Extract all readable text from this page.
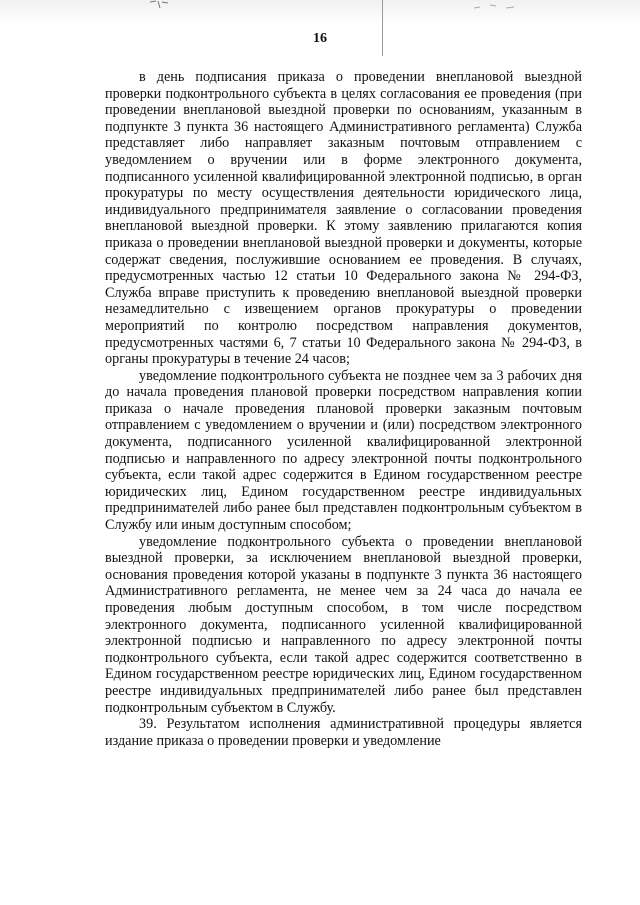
16

в день подписания приказа о проведении внеплановой выездной проверки подконтрольного субъекта в целях согласования ее проведения (при проведении внеплановой выездной проверки по основаниям, указанным в подпункте 3 пункта 36 настоящего Административного регламента) Служба представляет либо направляет заказным почтовым отправлением с уведомлением о вручении или в форме электронного документа, подписанного усиленной квалифицированной электронной подписью, в орган прокуратуры по месту осуществления деятельности юридического лица, индивидуального предпринимателя заявление о согласовании проведения внеплановой выездной проверки. К этому заявлению прилагаются копия приказа о проведении внеплановой выездной проверки и документы, которые содержат сведения, послужившие основанием ее проведения. В случаях, предусмотренных частью 12 статьи 10 Федерального закона № 294-ФЗ, Служба вправе приступить к проведению внеплановой выездной проверки незамедлительно с извещением органов прокуратуры о проведении мероприятий по контролю посредством направления документов, предусмотренных частями 6, 7 статьи 10 Федерального закона № 294-ФЗ, в органы прокуратуры в течение 24 часов;

уведомление подконтрольного субъекта не позднее чем за 3 рабочих дня до начала проведения плановой проверки посредством направления копии приказа о начале проведения плановой проверки заказным почтовым отправлением с уведомлением о вручении и (или) посредством электронного документа, подписанного усиленной квалифицированной электронной подписью и направленного по адресу электронной почты подконтрольного субъекта, если такой адрес содержится в Едином государственном реестре юридических лиц, Едином государственном реестре индивидуальных предпринимателей либо ранее был представлен подконтрольным субъектом в Службу или иным доступным способом;

уведомление подконтрольного субъекта о проведении внеплановой выездной проверки, за исключением внеплановой выездной проверки, основания проведения которой указаны в подпункте 3 пункта 36 настоящего Административного регламента, не менее чем за 24 часа до начала ее проведения любым доступным способом, в том числе посредством электронного документа, подписанного усиленной квалифицированной электронной подписью и направленного по адресу электронной почты подконтрольного субъекта, если такой адрес содержится соответственно в Едином государственном реестре юридических лиц, Едином государственном реестре индивидуальных предпринимателей либо ранее был представлен подконтрольным субъектом в Службу.

39. Результатом исполнения административной процедуры является издание приказа о проведении проверки и уведомление
